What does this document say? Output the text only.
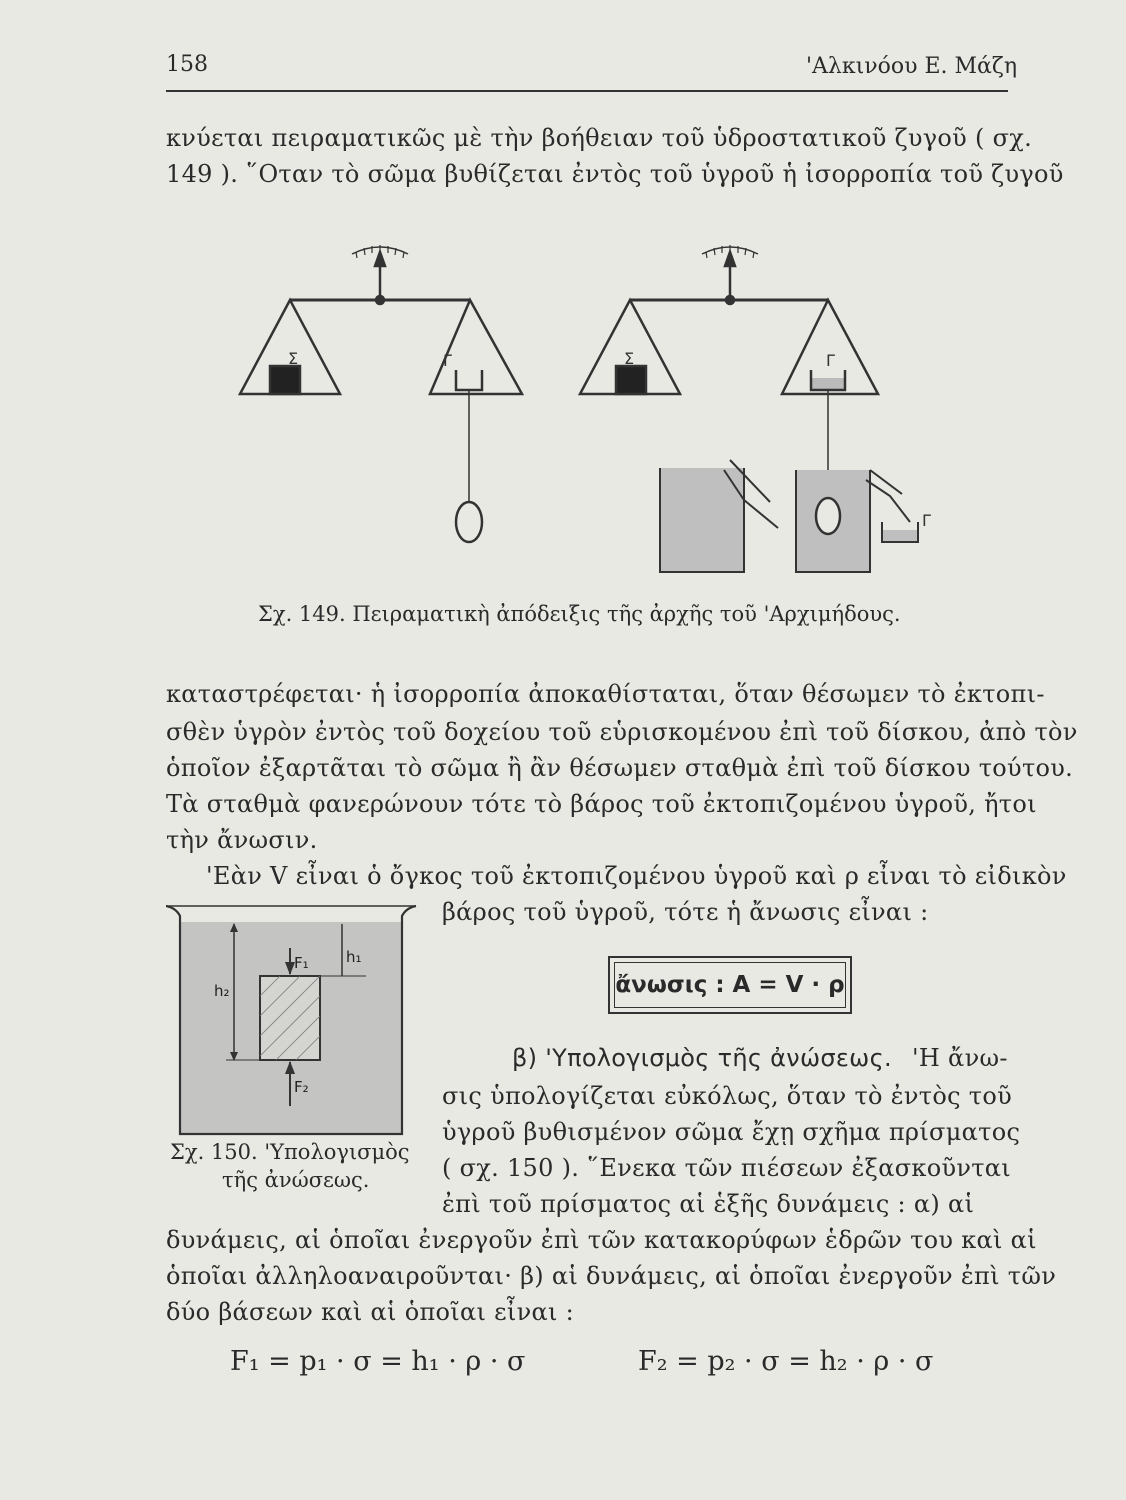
158	'Αλκινόου Ε. Μάζη
κνύεται πειραματικῶς μὲ τὴν βοήθειαν τοῦ ὑδροστατικοῦ ζυγοῦ ( σχ.
149 ). ῞Οταν τὸ σῶμα βυθίζεται ἐντὸς τοῦ ὑγροῦ ἡ ἰσορροπία τοῦ ζυγοῦ
Σ	Γ	Σ	Γ
Γ
Σχ. 149. Πειραματικὴ ἀπόδειξις τῆς ἀρχῆς τοῦ 'Αρχιμήδους.
καταστρέφεται· ἡ ἰσορροπία ἀποκαθίσταται, ὅταν θέσωμεν τὸ ἐκτοπι-
σθὲν ὑγρὸν ἐντὸς τοῦ δοχείου τοῦ εὑρισκομένου ἐπὶ τοῦ δίσκου, ἀπὸ τὸν
ὁποῖον ἐξαρτᾶται τὸ σῶμα ἢ ἂν θέσωμεν σταθμὰ ἐπὶ τοῦ δίσκου τούτου.
Τὰ σταθμὰ φανερώνουν τότε τὸ βάρος τοῦ ἐκτοπιζομένου ὑγροῦ, ἤτοι
τὴν ἄνωσιν.
'Εὰν V εἶναι ὁ ὄγκος τοῦ ἐκτοπιζομένου ὑγροῦ καὶ ρ εἶναι τὸ εἰδικὸν
βάρος τοῦ ὑγροῦ, τότε ἡ ἄνωσις εἶναι :
ἄνωσις : Α = V · ρ
F₁
F₂
h₁
h₂
Σχ. 150. 'Υπολογισμὸς
τῆς ἀνώσεως.
β) 'Υπολογισμὸς τῆς ἀνώσεως. 'Η ἄνω-
σις ὑπολογίζεται εὐκόλως, ὅταν τὸ ἐντὸς τοῦ
ὑγροῦ βυθισμένον σῶμα ἔχῃ σχῆμα πρίσματος
( σχ. 150 ). ῞Ενεκα τῶν πιέσεων ἐξασκοῦνται
ἐπὶ τοῦ πρίσματος αἱ ἑξῆς δυνάμεις : α) αἱ
δυνάμεις, αἱ ὁποῖαι ἐνεργοῦν ἐπὶ τῶν κατακορύφων ἑδρῶν του καὶ αἱ
ὁποῖαι ἀλληλοαναιροῦνται· β) αἱ δυνάμεις, αἱ ὁποῖαι ἐνεργοῦν ἐπὶ τῶν
δύο βάσεων καὶ αἱ ὁποῖαι εἶναι :
F₁ = p₁ · σ = h₁ · ρ · σ	F₂ = p₂ · σ = h₂ · ρ · σ
